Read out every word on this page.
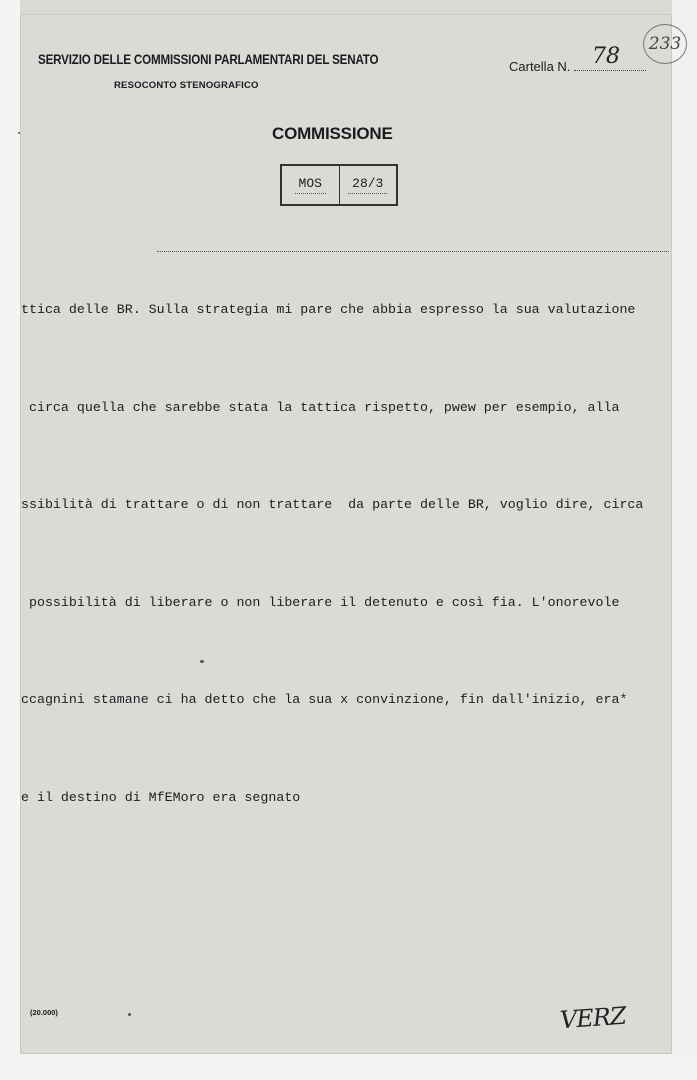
SERVIZIO DELLE COMMISSIONI PARLAMENTARI DEL SENATO
RESOCONTO STENOGRAFICO
Cartella N. 78	233
COMMISSIONE
MOS	28/3

ttica delle BR. Sulla strategia mi pare che abbia espresso la sua valutazione

circa quella che sarebbe stata la tattica rispetto, pwew per esempio, alla

ssibilità di trattare o di non trattare  da parte delle BR, voglio dire, circa

possibilità di liberare o non liberare il detenuto e così fia. L'onorevole

ccagnini stamane ci ha detto che la sua x convinzione, fin dall'inizio, era*

e il destino di MfEMoro era segnato

(20.000)	VERZ
